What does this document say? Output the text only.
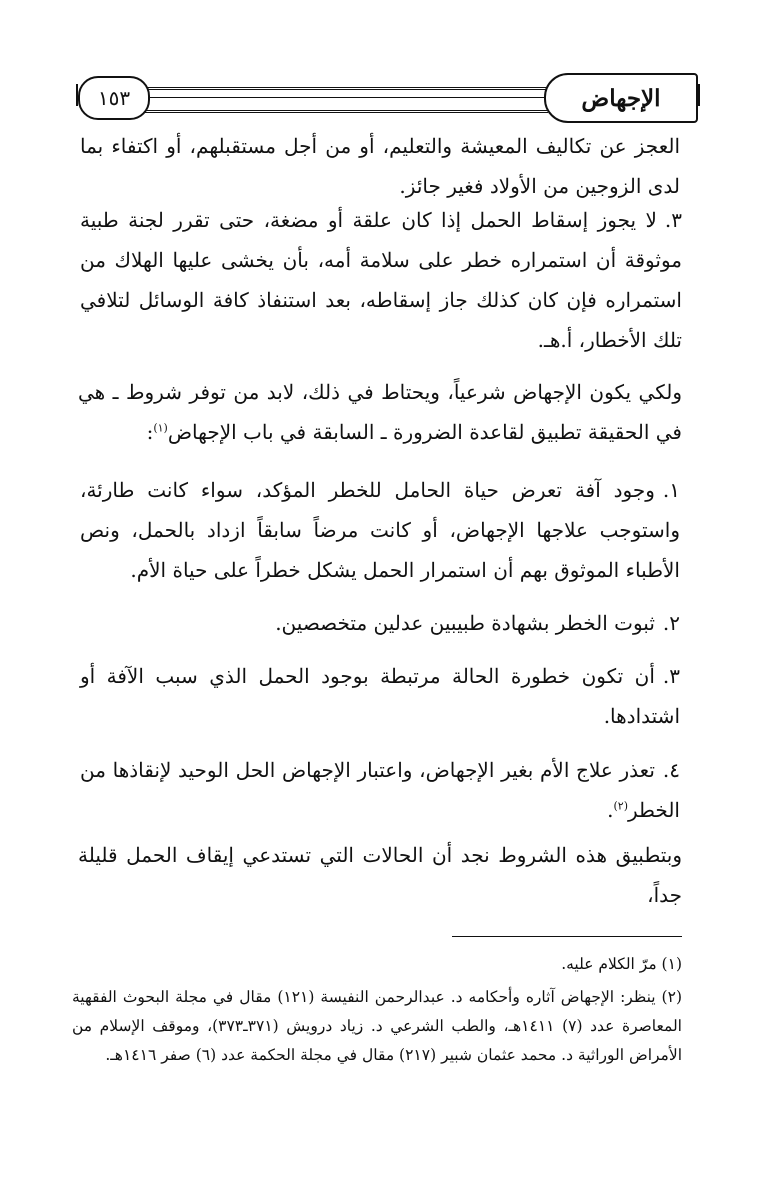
الإجهاض
١٥٣
العجز عن تكاليف المعيشة والتعليم، أو من أجل مستقبلهم، أو اكتفاء بما لدى الزوجين من الأولاد فغير جائز.
٣.لا يجوز إسقاط الحمل إذا كان علقة أو مضغة، حتى تقرر لجنة طبية موثوقة أن استمراره خطر على سلامة أمه، بأن يخشى عليها الهلاك من استمراره فإن كان كذلك جاز إسقاطه، بعد استنفاذ كافة الوسائل لتلافي تلك الأخطار، أ.هـ.
ولكي يكون الإجهاض شرعياً، ويحتاط في ذلك، لابد من توفر شروط ـ هي في الحقيقة تطبيق لقاعدة الضرورة ـ السابقة في باب الإجهاض$^{(١)}$:
١.وجود آفة تعرض حياة الحامل للخطر المؤكد، سواء كانت طارئة، واستوجب علاجها الإجهاض، أو كانت مرضاً سابقاً ازداد بالحمل، ونص الأطباء الموثوق بهم أن استمرار الحمل يشكل خطراً على حياة الأم.
٢.ثبوت الخطر بشهادة طبيبين عدلين متخصصين.
٣.أن تكون خطورة الحالة مرتبطة بوجود الحمل الذي سبب الآفة أو اشتدادها.
٤.تعذر علاج الأم بغير الإجهاض، واعتبار الإجهاض الحل الوحيد لإنقاذها من الخطر$^{(٢)}$.
وبتطبيق هذه الشروط نجد أن الحالات التي تستدعي إيقاف الحمل قليلة جداً،
(١) مرّ الكلام عليه.
(٢) ينظر: الإجهاض آثاره وأحكامه د. عبدالرحمن النفيسة (١٢١) مقال في مجلة البحوث الفقهية المعاصرة عدد (٧) ١٤١١هـ، والطب الشرعي د. زياد درويش (٣٧١ـ٣٧٣)، وموقف الإسلام من الأمراض الوراثية د. محمد عثمان شبير (٢١٧) مقال في مجلة الحكمة عدد (٦) صفر ١٤١٦هـ.
